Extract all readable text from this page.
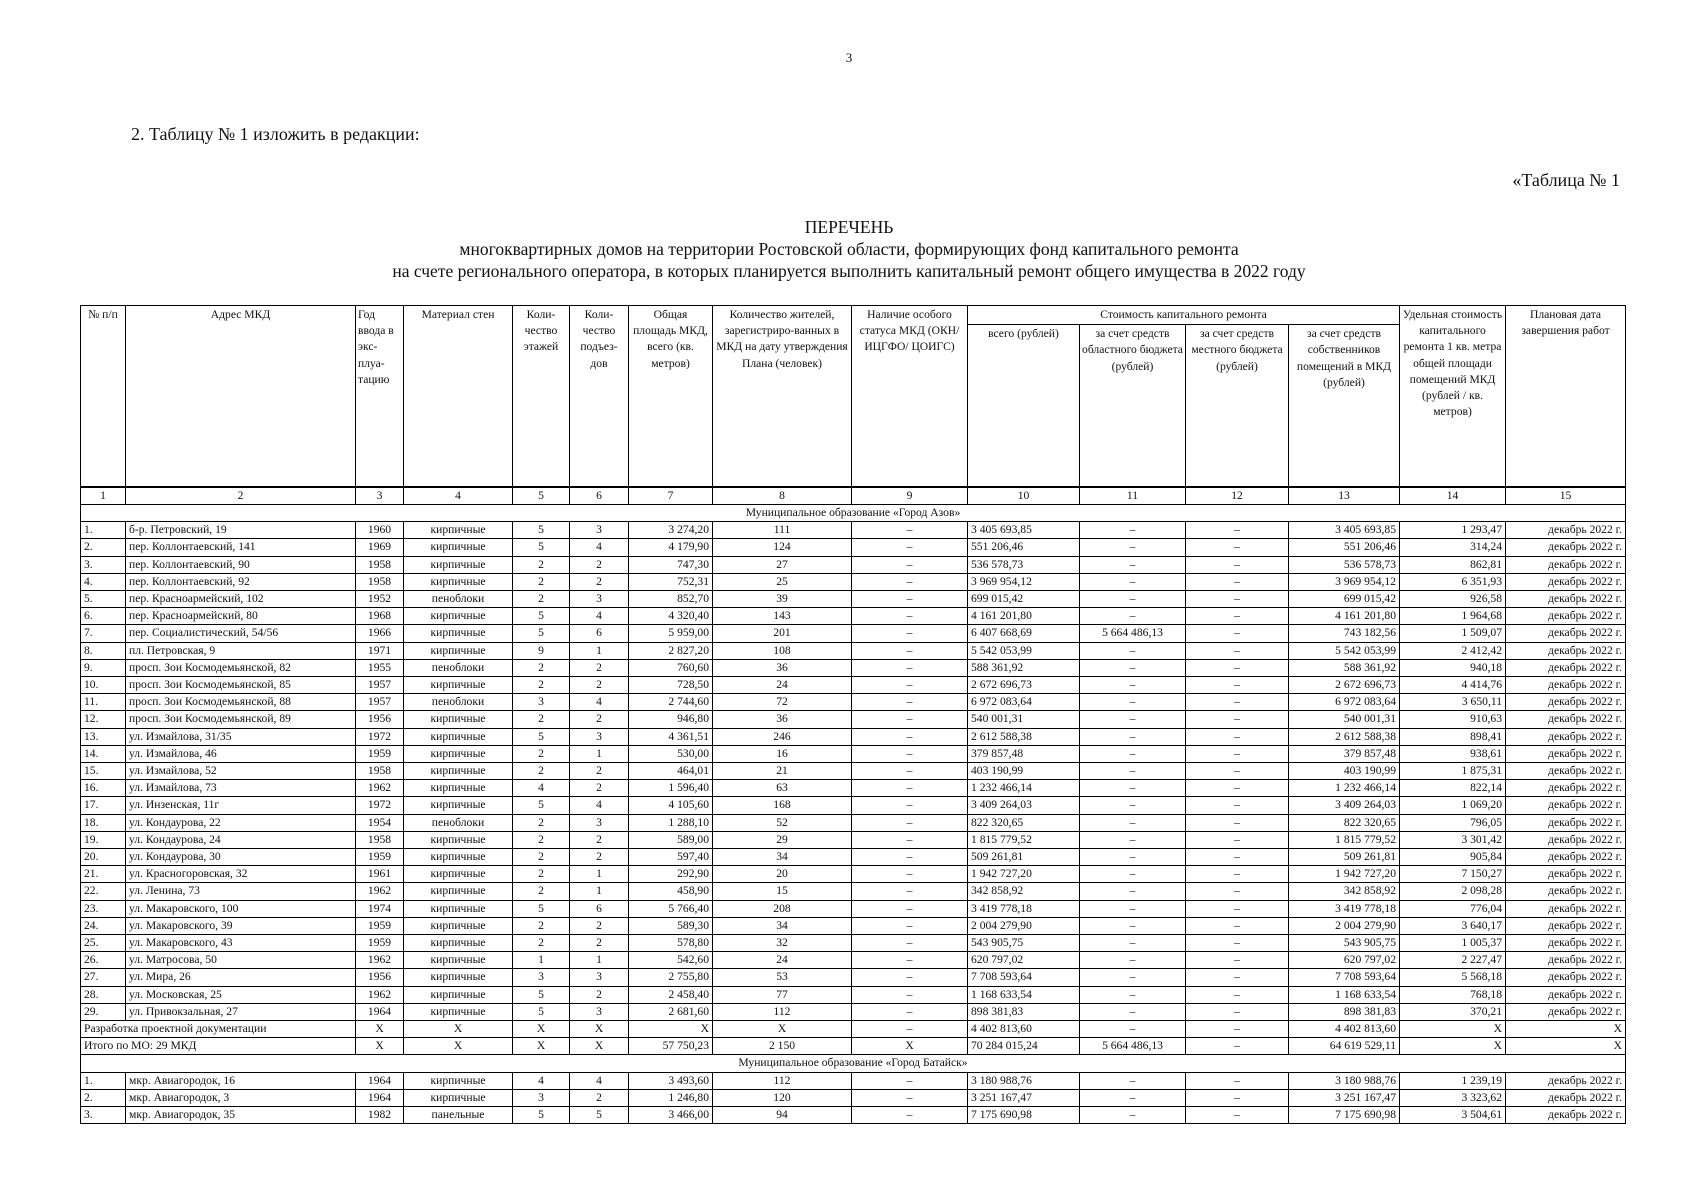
3
2. Таблицу № 1 изложить в редакции:
«Таблица № 1
ПЕРЕЧЕНЬ
многоквартирных домов на территории Ростовской области, формирующих фонд капитального ремонта
на счете регионального оператора, в которых планируется выполнить капитальный ремонт общего имущества в 2022 году
№ п/п	Адрес МКД	Год ввода в экс-плуа-тацию	Материал стен	Коли-чество этажей	Коли-чество подъез-дов	Общая площадь МКД, всего (кв. метров)	Количество жителей, зарегистриро-ванных в МКД на дату утверждения Плана (человек)	Наличие особого статуса МКД (ОКН/ИЦГФО/ ЦОИГС)	Стоимость капитального ремонта				Удельная стоимость капитального ремонта 1 кв. метра общей площади помещений МКД (рублей / кв. метров)	Плановая дата завершения работ
									всего (рублей)	за счет средств областного бюджета (рублей)	за счет средств местного бюджета (рублей)	за счет средств собственников помещений в МКД (рублей)		
1	2	3	4	5	6	7	8	9	10	11	12	13	14	15
Муниципальное образование «Город Азов»														
1.	б-р. Петровский, 19	1960	кирпичные	5	3	3 274,20	111	–	3 405 693,85	–	–	3 405 693,85	1 293,47	декабрь 2022 г.
2.	пер. Коллонтаевский, 141	1969	кирпичные	5	4	4 179,90	124	–	551 206,46	–	–	551 206,46	314,24	декабрь 2022 г.
3.	пер. Коллонтаевский, 90	1958	кирпичные	2	2	747,30	27	–	536 578,73	–	–	536 578,73	862,81	декабрь 2022 г.
4.	пер. Коллонтаевский, 92	1958	кирпичные	2	2	752,31	25	–	3 969 954,12	–	–	3 969 954,12	6 351,93	декабрь 2022 г.
5.	пер. Красноармейский, 102	1952	пеноблоки	2	3	852,70	39	–	699 015,42	–	–	699 015,42	926,58	декабрь 2022 г.
6.	пер. Красноармейский, 80	1968	кирпичные	5	4	4 320,40	143	–	4 161 201,80	–	–	4 161 201,80	1 964,68	декабрь 2022 г.
7.	пер. Социалистический, 54/56	1966	кирпичные	5	6	5 959,00	201	–	6 407 668,69	5 664 486,13	–	743 182,56	1 509,07	декабрь 2022 г.
8.	пл. Петровская, 9	1971	кирпичные	9	1	2 827,20	108	–	5 542 053,99	–	–	5 542 053,99	2 412,42	декабрь 2022 г.
9.	просп. Зои Космодемьянской, 82	1955	пеноблоки	2	2	760,60	36	–	588 361,92	–	–	588 361,92	940,18	декабрь 2022 г.
10.	просп. Зои Космодемьянской, 85	1957	кирпичные	2	2	728,50	24	–	2 672 696,73	–	–	2 672 696,73	4 414,76	декабрь 2022 г.
11.	просп. Зои Космодемьянской, 88	1957	пеноблоки	3	4	2 744,60	72	–	6 972 083,64	–	–	6 972 083,64	3 650,11	декабрь 2022 г.
12.	просп. Зои Космодемьянской, 89	1956	кирпичные	2	2	946,80	36	–	540 001,31	–	–	540 001,31	910,63	декабрь 2022 г.
13.	ул. Измайлова, 31/35	1972	кирпичные	5	3	4 361,51	246	–	2 612 588,38	–	–	2 612 588,38	898,41	декабрь 2022 г.
14.	ул. Измайлова, 46	1959	кирпичные	2	1	530,00	16	–	379 857,48	–	–	379 857,48	938,61	декабрь 2022 г.
15.	ул. Измайлова, 52	1958	кирпичные	2	2	464,01	21	–	403 190,99	–	–	403 190,99	1 875,31	декабрь 2022 г.
16.	ул. Измайлова, 73	1962	кирпичные	4	2	1 596,40	63	–	1 232 466,14	–	–	1 232 466,14	822,14	декабрь 2022 г.
17.	ул. Инзенская, 11г	1972	кирпичные	5	4	4 105,60	168	–	3 409 264,03	–	–	3 409 264,03	1 069,20	декабрь 2022 г.
18.	ул. Кондаурова, 22	1954	пеноблоки	2	3	1 288,10	52	–	822 320,65	–	–	822 320,65	796,05	декабрь 2022 г.
19.	ул. Кондаурова, 24	1958	кирпичные	2	2	589,00	29	–	1 815 779,52	–	–	1 815 779,52	3 301,42	декабрь 2022 г.
20.	ул. Кондаурова, 30	1959	кирпичные	2	2	597,40	34	–	509 261,81	–	–	509 261,81	905,84	декабрь 2022 г.
21.	ул. Красногоровская, 32	1961	кирпичные	2	1	292,90	20	–	1 942 727,20	–	–	1 942 727,20	7 150,27	декабрь 2022 г.
22.	ул. Ленина, 73	1962	кирпичные	2	1	458,90	15	–	342 858,92	–	–	342 858,92	2 098,28	декабрь 2022 г.
23.	ул. Макаровского, 100	1974	кирпичные	5	6	5 766,40	208	–	3 419 778,18	–	–	3 419 778,18	776,04	декабрь 2022 г.
24.	ул. Макаровского, 39	1959	кирпичные	2	2	589,30	34	–	2 004 279,90	–	–	2 004 279,90	3 640,17	декабрь 2022 г.
25.	ул. Макаровского, 43	1959	кирпичные	2	2	578,80	32	–	543 905,75	–	–	543 905,75	1 005,37	декабрь 2022 г.
26.	ул. Матросова, 50	1962	кирпичные	1	1	542,60	24	–	620 797,02	–	–	620 797,02	2 227,47	декабрь 2022 г.
27.	ул. Мира, 26	1956	кирпичные	3	3	2 755,80	53	–	7 708 593,64	–	–	7 708 593,64	5 568,18	декабрь 2022 г.
28.	ул. Московская, 25	1962	кирпичные	5	2	2 458,40	77	–	1 168 633,54	–	–	1 168 633,54	768,18	декабрь 2022 г.
29.	ул. Привокзальная, 27	1964	кирпичные	5	3	2 681,60	112	–	898 381,83	–	–	898 381,83	370,21	декабрь 2022 г.
Разработка проектной документации		X	X	X	X	X	X	–	4 402 813,60	–	–	4 402 813,60	X	X
Итого по МО: 29 МКД		X	X	X	X	57 750,23	2 150	X	70 284 015,24	5 664 486,13	–	64 619 529,11	X	X
Муниципальное образование «Город Батайск»														
1.	мкр. Авиагородок, 16	1964	кирпичные	4	4	3 493,60	112	–	3 180 988,76	–	–	3 180 988,76	1 239,19	декабрь 2022 г.
2.	мкр. Авиагородок, 3	1964	кирпичные	3	2	1 246,80	120	–	3 251 167,47	–	–	3 251 167,47	3 323,62	декабрь 2022 г.
3.	мкр. Авиагородок, 35	1982	панельные	5	5	3 466,00	94	–	7 175 690,98	–	–	7 175 690,98	3 504,61	декабрь 2022 г.
